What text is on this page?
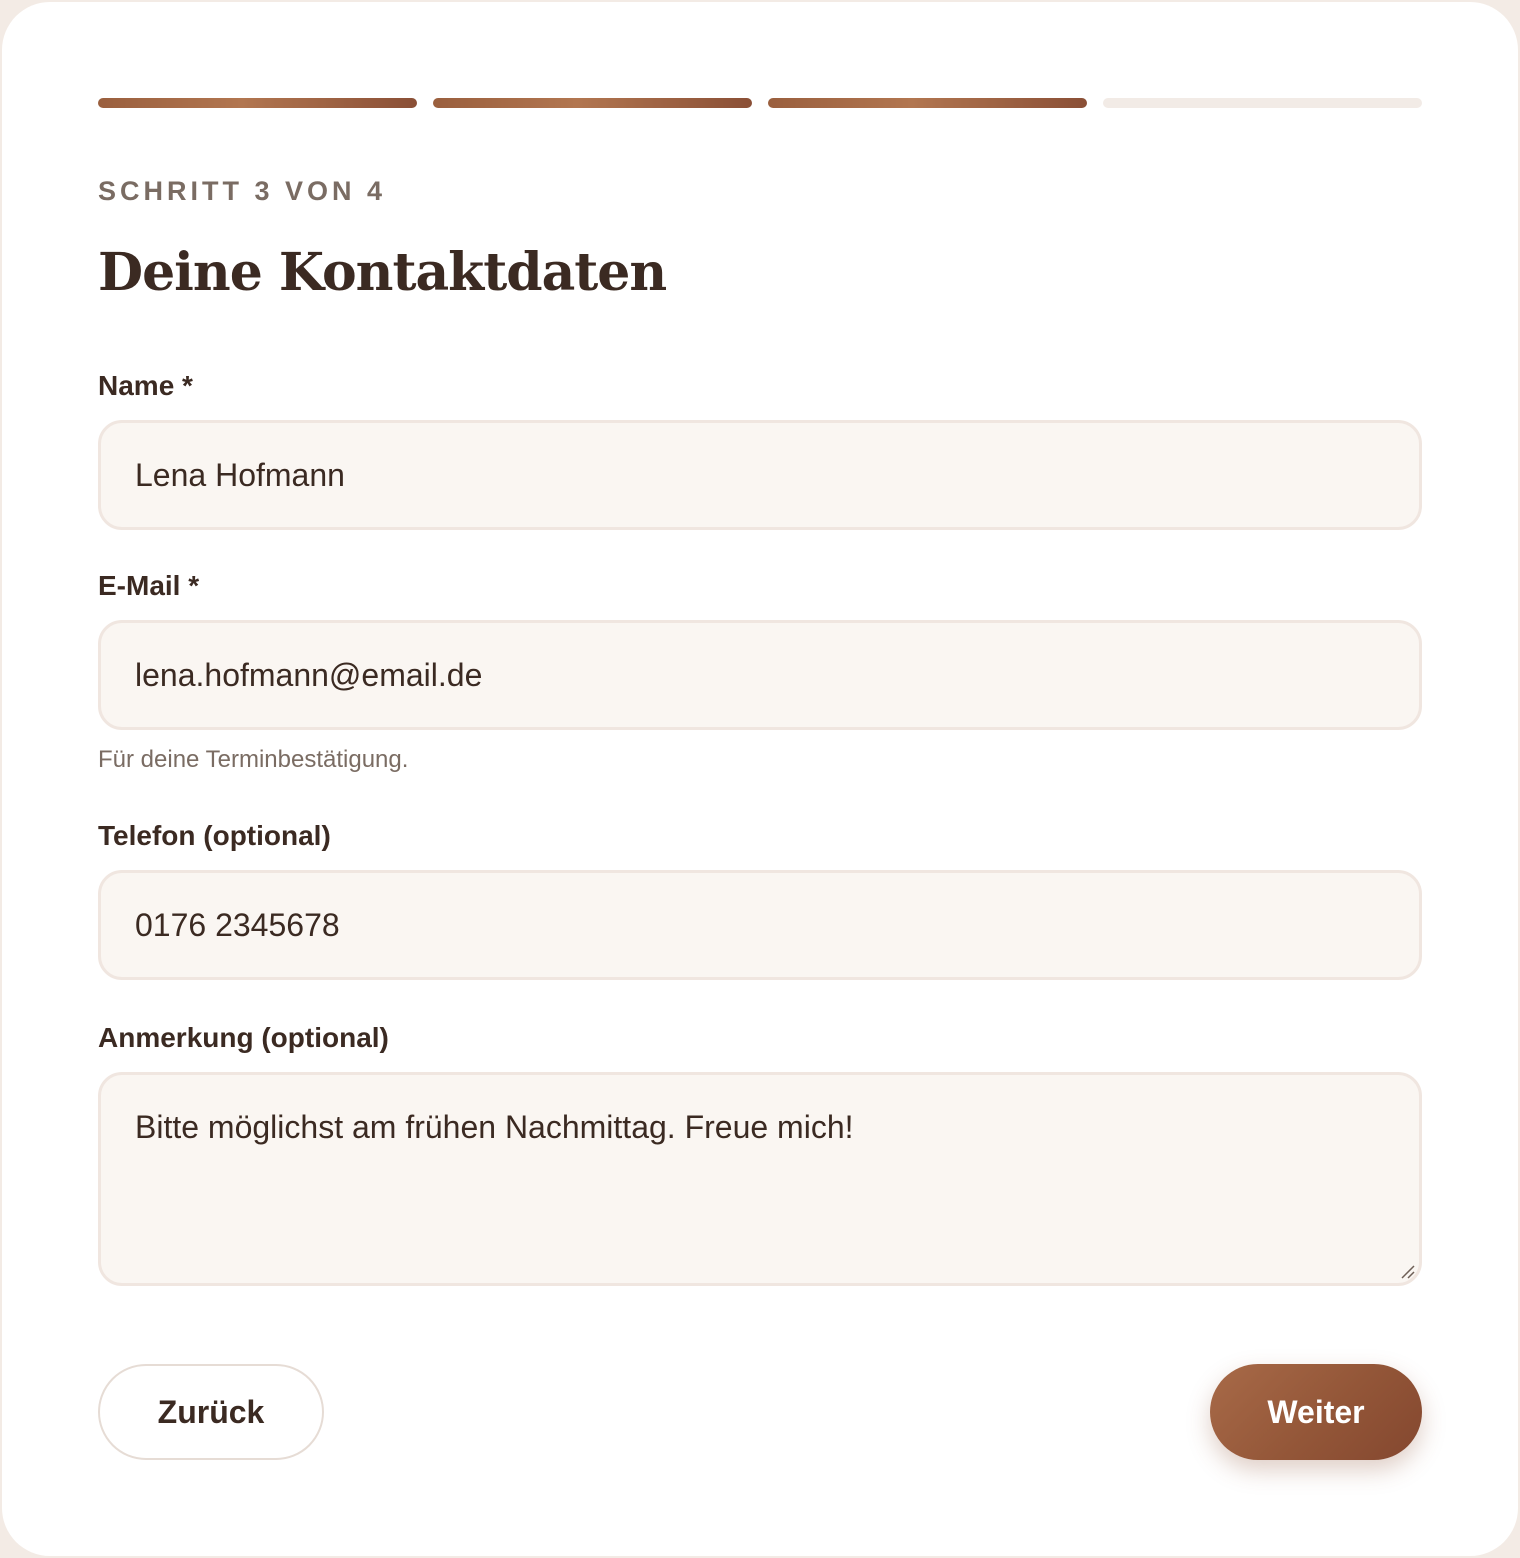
SCHRITT 3 VON 4
Deine Kontaktdaten
Name *
Lena Hofmann
E-Mail *
lena.hofmann@email.de
Für deine Terminbestätigung.
Telefon (optional)
0176 2345678
Anmerkung (optional)
Bitte möglichst am frühen Nachmittag. Freue mich!
Zurück	Weiter
